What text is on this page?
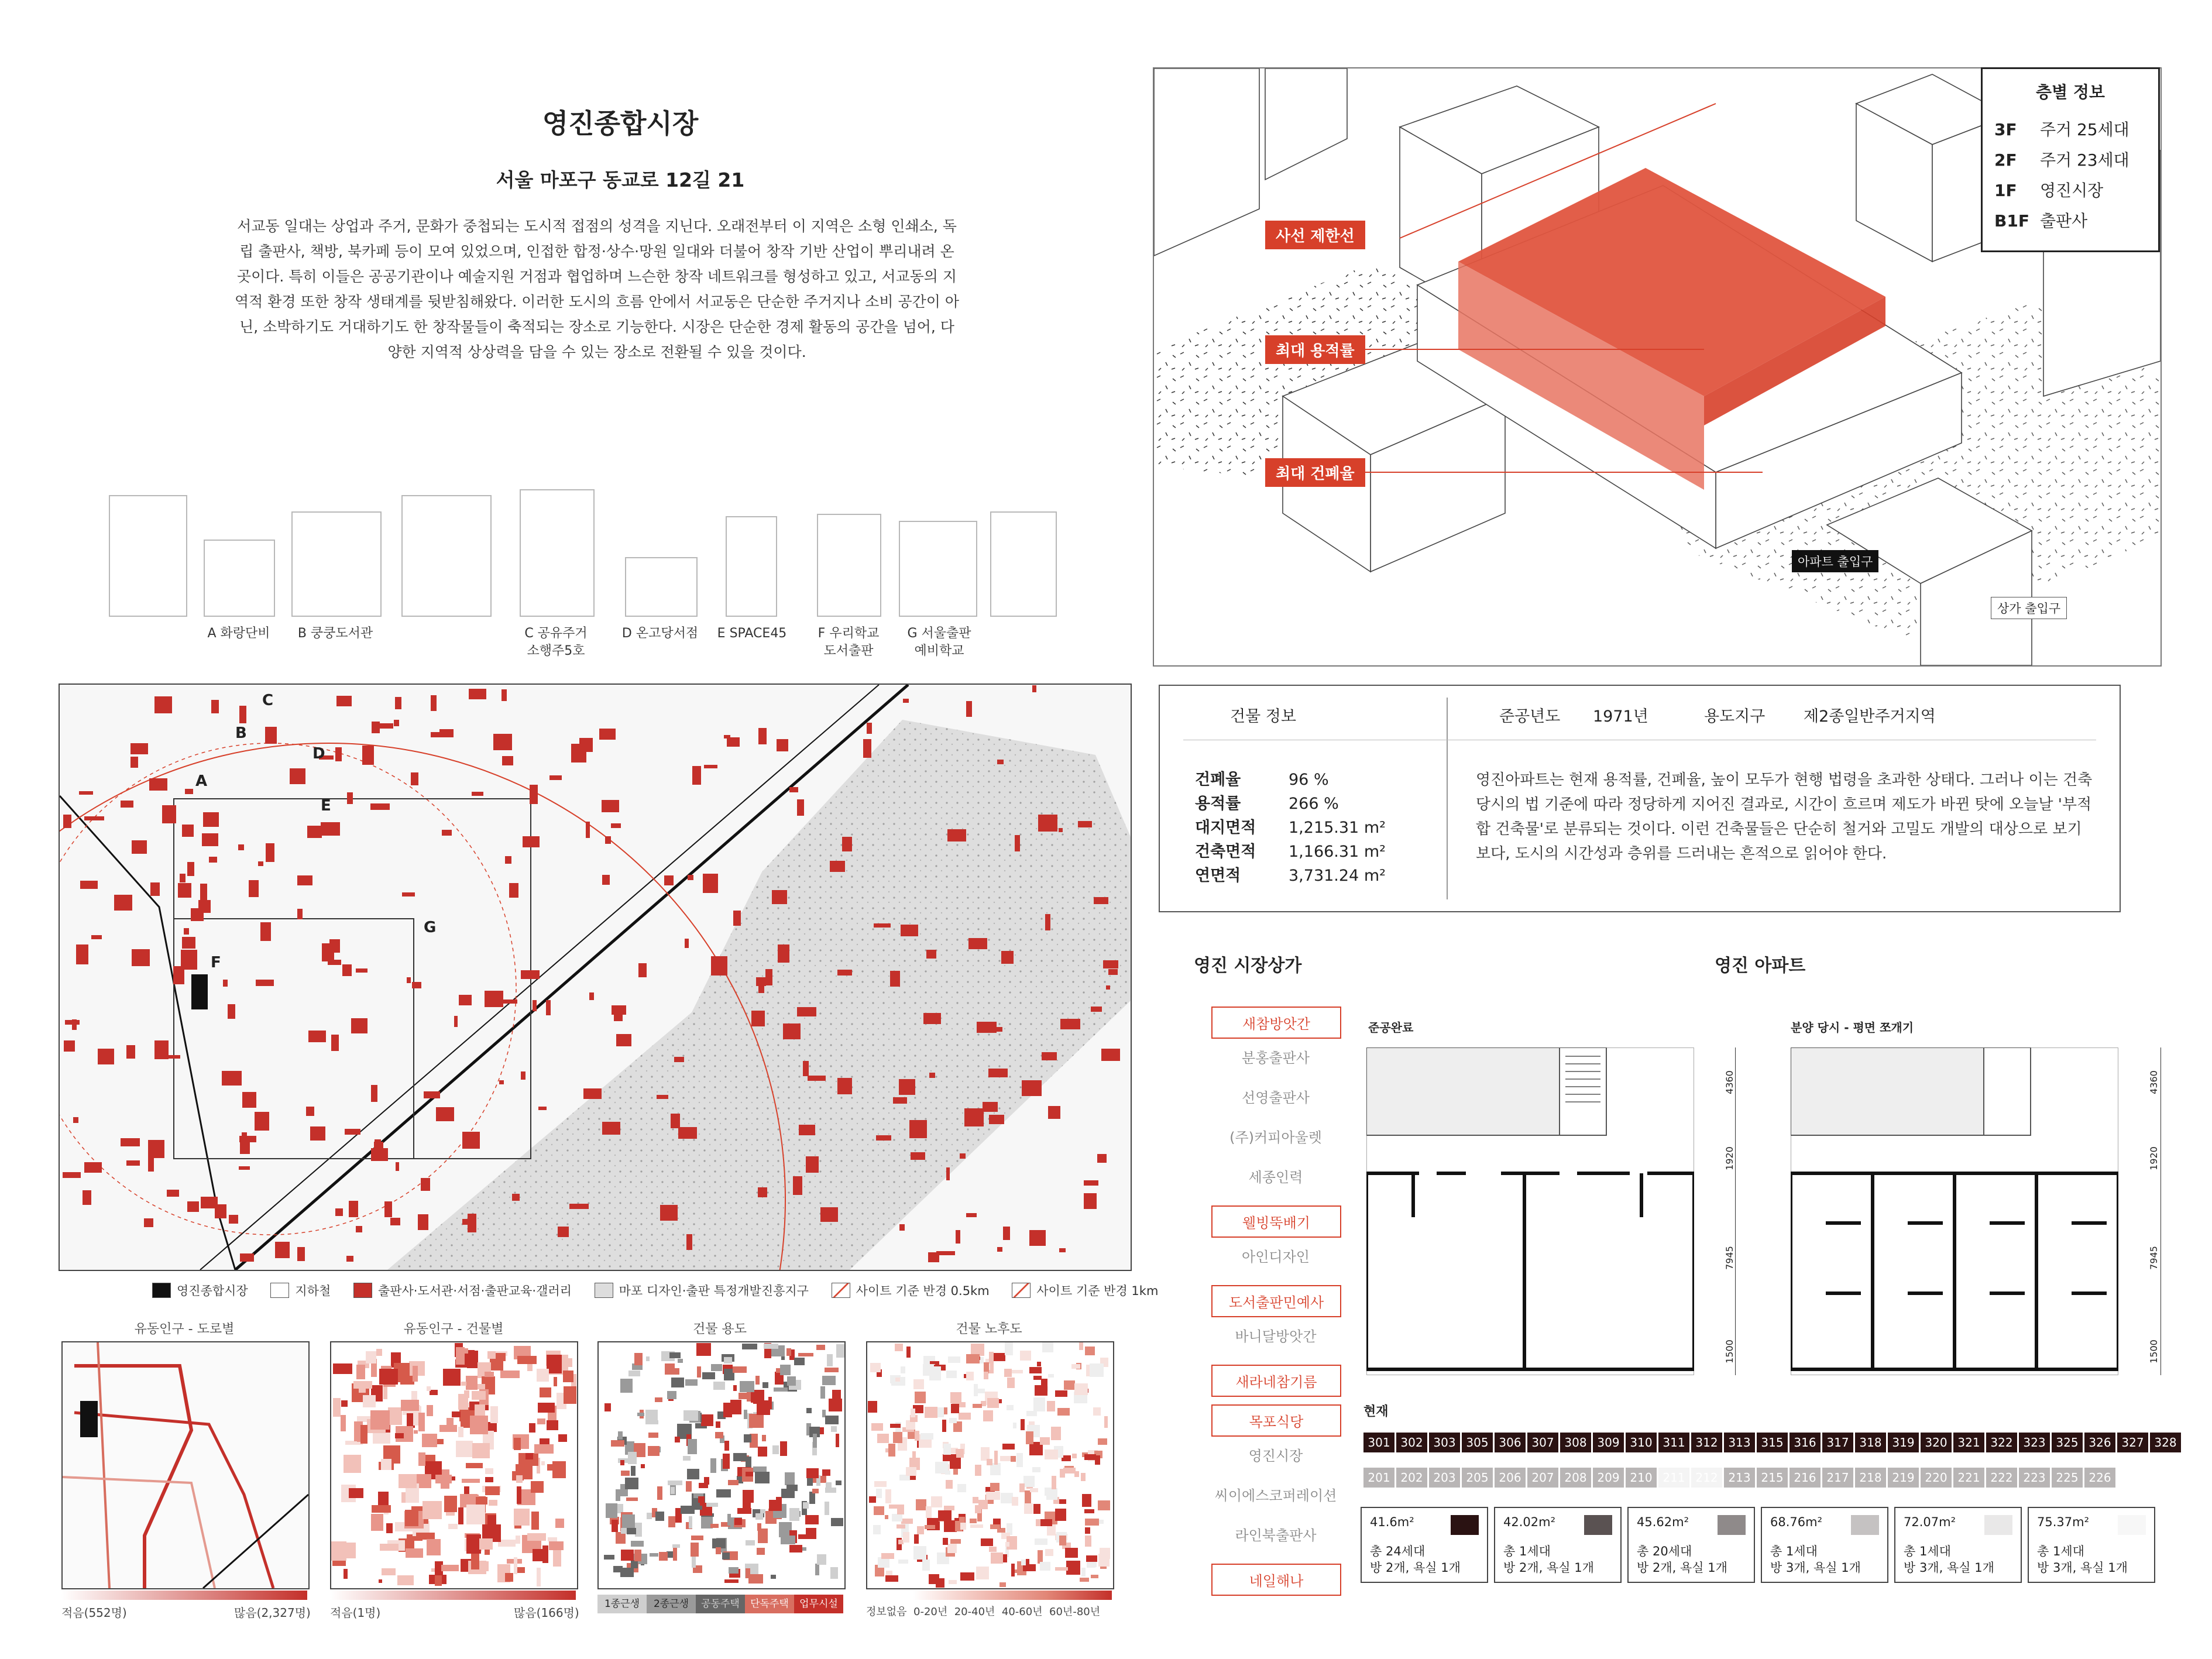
영진종합시장
서울 마포구 동교로 12길 21
서교동 일대는 상업과 주거, 문화가 중첩되는 도시적 접점의 성격을 지닌다. 오래전부터 이 지역은 소형 인쇄소, 독립 출판사, 책방, 북카페 등이 모여 있었으며, 인접한 합정·상수·망원 일대와 더불어 창작 기반 산업이 뿌리내려 온 곳이다. 특히 이들은 공공기관이나 예술지원 거점과 협업하며 느슨한 창작 네트워크를 형성하고 있고, 서교동의 지역적 환경 또한 창작 생태계를 뒷받침해왔다. 이러한 도시의 흐름 안에서 서교동은 단순한 주거지나 소비 공간이 아닌, 소박하기도 거대하기도 한 창작물들이 축적되는 장소로 기능한다. 시장은 단순한 경제 활동의 공간을 넘어, 다양한 지역적 상상력을 담을 수 있는 장소로 전환될 수 있을 것이다.
A 화랑단비	B 쿵쿵도서관	C 공유주거
소행주5호
D 온고당서점 E SPACE45	F 우리학교
도서출판
G 서울출판
예비학교
A
B
C
D
E
F
G
영진종합시장	지하철	출판사·도서관·서점·출판교육·갤러리	마포 디자인·출판 특정개발진흥지구	사이트 기준 반경 0.5km	사이트 기준 반경 1km
유동인구 - 도로별	유동인구 - 건물별	건물 용도	건물 노후도
적음(552명)	많음(2,327명) 적음(1명)	많음(166명)
1종근생	2종근생	공동주택	단독주택	업무시설
정보없음 0-20년 20-40년 40-60년 60년-80년
사선 제한선
최대 용적률
최대 건폐율
아파트 출입구
상가 출입구
층별 정보
3F 주거 25세대
2F 주거 23세대
1F 영진시장
B1F 출판사
건물 정보	준공년도 1971년	용도지구 제2종일반주거지역
건폐율	96 %
용적률	266 %
대지면적 1,215.31 m²
건축면적 1,166.31 m²
연면적	3,731.24 m²
영진아파트는 현재 용적률, 건폐율, 높이 모두가 현행 법령을 초과한 상태다. 그러나 이는 건축 당시의 법 기준에 따라 정당하게 지어진 결과로, 시간이 흐르며 제도가 바뀐 탓에 오늘날 '부적합 건축물'로 분류되는 것이다. 이런 건축물들은 단순히 철거와 고밀도 개발의 대상으로 보기보다, 도시의 시간성과 층위를 드러내는 흔적으로 읽어야 한다.
영진 시장상가
새참방앗간
분홍출판사
선영출판사
(주)커피아울렛
세종인력
웰빙뚝배기
아인디자인
도서출판민예사
바니달방앗간
새라네참기름
목포식당
영진시장
씨이에스코퍼레이션
라인북출판사
네일해나
영진 아파트
준공완료	분양 당시 - 평면 쪼개기
4360
1920
7945
1500
4360
1920
7945
1500
현재
301 302 303 305 306 307 308 309 310 311 312 313 315 316 317 318 319 320 321 322 323 325 326 327 328
201 202 203 205 206 207 208 209 210 211 212 213 215 216 217 218 219 220 221 222 223 225 226
41.6m²
총 24세대
방 2개, 욕실 1개
42.02m²
총 1세대
방 2개, 욕실 1개
45.62m²
총 20세대
방 2개, 욕실 1개
68.76m²
총 1세대
방 3개, 욕실 1개
72.07m²
총 1세대
방 3개, 욕실 1개
75.37m²
총 1세대
방 3개, 욕실 1개
